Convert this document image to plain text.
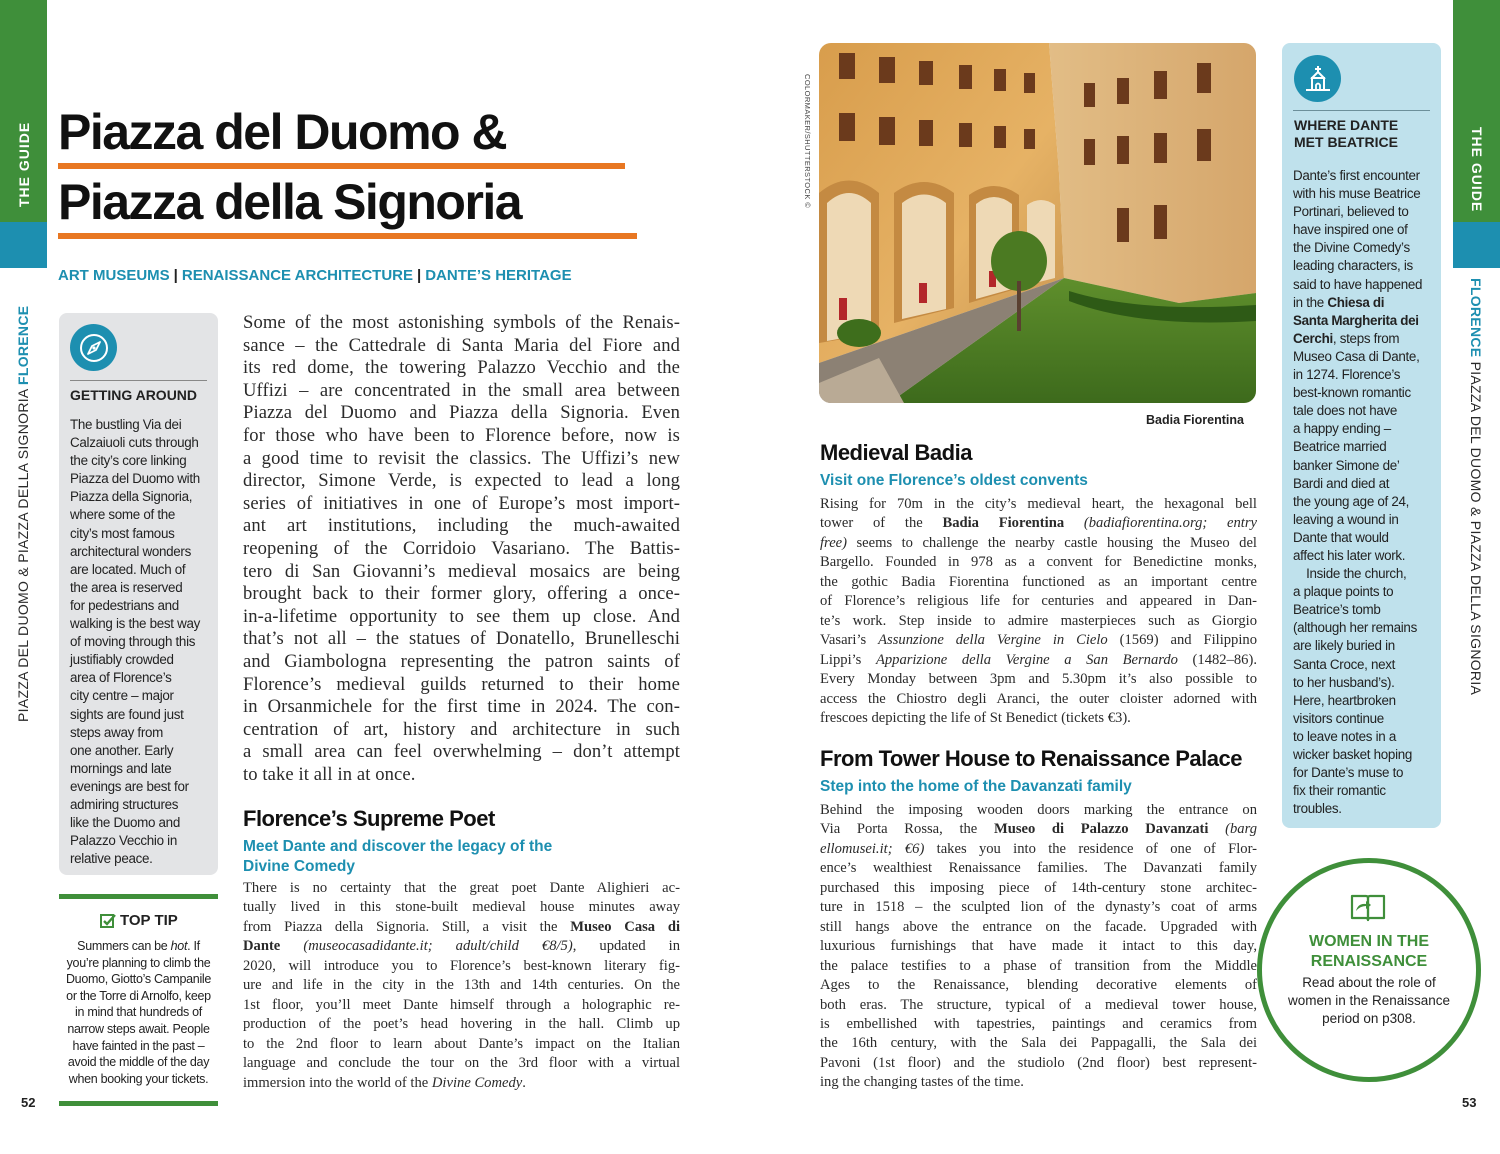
THE GUIDE
PIAZZA DEL DUOMO & PIAZZA DELLA SIGNORIA FLORENCE
Piazza del Duomo &
Piazza della Signoria
ART MUSEUMS | RENAISSANCE ARCHITECTURE | DANTE’S HERITAGE
GETTING AROUND
The bustling Via dei
Calzaiuoli cuts through
the city’s core linking
Piazza del Duomo with
Piazza della Signoria,
where some of the
city’s most famous
architectural wonders
are located. Much of
the area is reserved
for pedestrians and
walking is the best way
of moving through this
justifiably crowded
area of Florence’s
city centre – major
sights are found just
steps away from
one another. Early
mornings and late
evenings are best for
admiring structures
like the Duomo and
Palazzo Vecchio in
relative peace.
TOP TIP
Summers can be hot. If
you’re planning to climb the
Duomo, Giotto’s Campanile
or the Torre di Arnolfo, keep
in mind that hundreds of
narrow steps await. People
have fainted in the past –
avoid the middle of the day
when booking your tickets.
Some of the most astonishing symbols of the Renais-
sance – the Cattedrale di Santa Maria del Fiore and
its red dome, the towering Palazzo Vecchio and the
Uffizi – are concentrated in the small area between
Piazza del Duomo and Piazza della Signoria. Even
for those who have been to Florence before, now is
a good time to revisit the classics. The Uffizi’s new
director, Simone Verde, is expected to lead a long
series of initiatives in one of Europe’s most import-
ant art institutions, including the much-awaited
reopening of the Corridoio Vasariano. The Battis-
tero di San Giovanni’s medieval mosaics are being
brought back to their former glory, offering a once-
in-a-lifetime opportunity to see them up close. And
that’s not all – the statues of Donatello, Brunelleschi
and Giambologna representing the patron saints of
Florence’s medieval guilds returned to their home
in Orsanmichele for the first time in 2024. The con-
centration of art, history and architecture in such
a small area can feel overwhelming – don’t attempt
to take it all in at once.
Florence’s Supreme Poet
Meet Dante and discover the legacy of the
Divine Comedy
There is no certainty that the great poet Dante Alighieri ac-
tually lived in this stone-built medieval house minutes away
from Piazza della Signoria. Still, a visit the Museo Casa di
Dante (museocasadidante.it; adult/child €8/5), updated in
2020, will introduce you to Florence’s best-known literary fig-
ure and life in the city in the 13th and 14th centuries. On the
1st floor, you’ll meet Dante himself through a holographic re-
production of the poet’s head hovering in the hall. Climb up
to the 2nd floor to learn about Dante’s impact on the Italian
language and conclude the tour on the 3rd floor with a virtual
immersion into the world of the Divine Comedy.
52
COLORMAKER/SHUTTERSTOCK ©
Badia Fiorentina
Medieval Badia
Visit one Florence’s oldest convents
Rising for 70m in the city’s medieval heart, the hexagonal bell
tower of the Badia Fiorentina (badiafiorentina.org; entry
free) seems to challenge the nearby castle housing the Museo del
Bargello. Founded in 978 as a convent for Benedictine monks,
the gothic Badia Fiorentina functioned as an important centre
of Florence’s religious life for centuries and appeared in Dan-
te’s work. Step inside to admire masterpieces such as Giorgio
Vasari’s Assunzione della Vergine in Cielo (1569) and Filippino
Lippi’s Apparizione della Vergine a San Bernardo (1482–86).
Every Monday between 3pm and 5.30pm it’s also possible to
access the Chiostro degli Aranci, the outer cloister adorned with
frescoes depicting the life of St Benedict (tickets €3).
From Tower House to Renaissance Palace
Step into the home of the Davanzati family
Behind the imposing wooden doors marking the entrance on
Via Porta Rossa, the Museo di Palazzo Davanzati (barg
ellomusei.it; €6) takes you into the residence of one of Flor-
ence’s wealthiest Renaissance families. The Davanzati family
purchased this imposing piece of 14th-century stone architec-
ture in 1518 – the sculpted lion of the dynasty’s coat of arms
still hangs above the entrance on the facade. Upgraded with
luxurious furnishings that have made it intact to this day,
the palace testifies to a phase of transition from the Middle
Ages to the Renaissance, blending decorative elements of
both eras. The structure, typical of a medieval tower house,
is embellished with tapestries, paintings and ceramics from
the 16th century, with the Sala dei Pappagalli, the Sala dei
Pavoni (1st floor) and the studiolo (2nd floor) best represent-
ing the changing tastes of the time.
WHERE DANTE
MET BEATRICE
Dante’s first encounter
with his muse Beatrice
Portinari, believed to
have inspired one of
the Divine Comedy’s
leading characters, is
said to have happened
in the Chiesa di
Santa Margherita dei
Cerchi, steps from
Museo Casa di Dante,
in 1274. Florence’s
best-known romantic
tale does not have
a happy ending –
Beatrice married
banker Simone de’
Bardi and died at
the young age of 24,
leaving a wound in
Dante that would
affect his later work.
 Inside the church,
a plaque points to
Beatrice’s tomb
(although her remains
are likely buried in
Santa Croce, next
to her husband’s).
Here, heartbroken
visitors continue
to leave notes in a
wicker basket hoping
for Dante’s muse to
fix their romantic
troubles.
WOMEN IN THE
RENAISSANCE
Read about the role of
women in the Renaissance
period on p308.
THE GUIDE
FLORENCE PIAZZA DEL DUOMO & PIAZZA DELLA SIGNORIA
53
